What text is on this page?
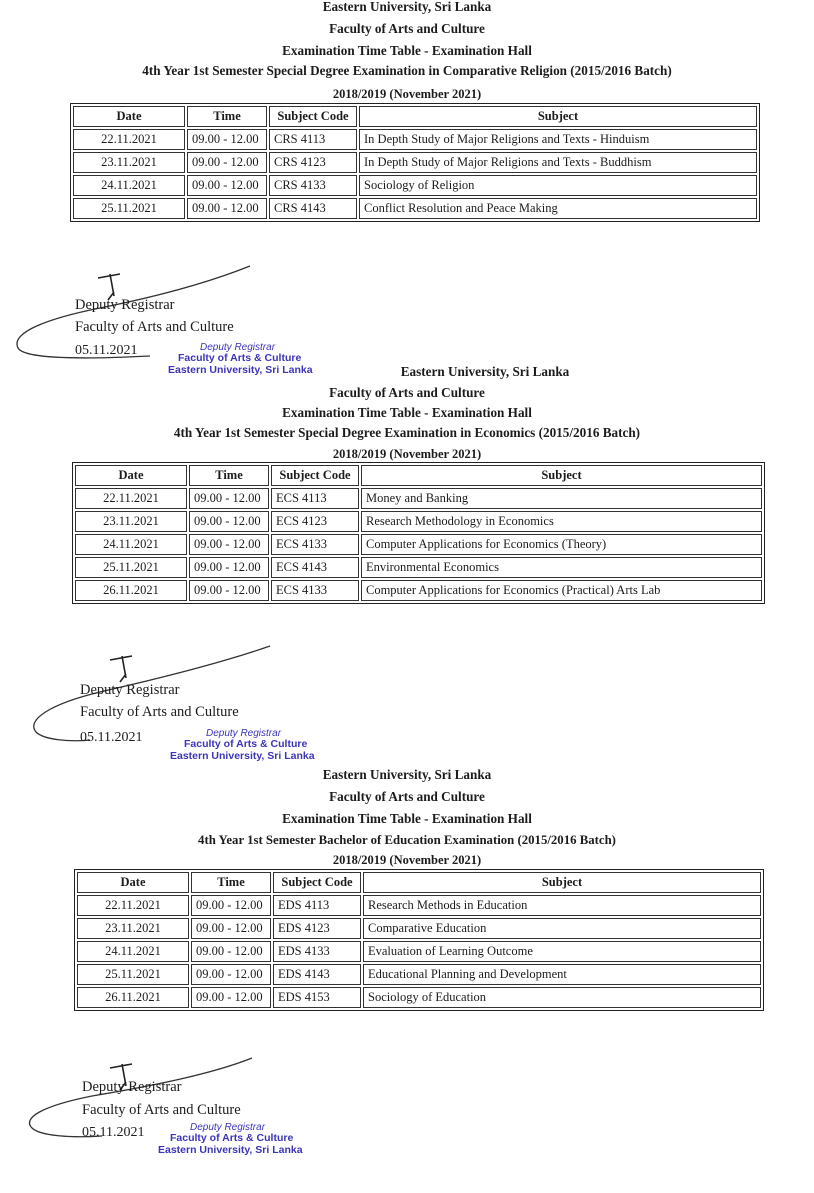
Eastern University, Sri Lanka
Faculty of Arts and Culture
Examination Time Table - Examination Hall
4th Year 1st Semester Special Degree Examination in Comparative Religion (2015/2016 Batch)
2018/2019 (November 2021)
Date	Time	Subject Code	Subject
22.11.2021	09.00 - 12.00	CRS 4113	In Depth Study of Major Religions and Texts - Hinduism
23.11.2021	09.00 - 12.00	CRS 4123	In Depth Study of Major Religions and Texts - Buddhism
24.11.2021	09.00 - 12.00	CRS 4133	Sociology of Religion
25.11.2021	09.00 - 12.00	CRS 4143	Conflict Resolution and Peace Making
Deputy Registrar
Faculty of Arts and Culture
05.11.2021	Deputy Registrar
Faculty of Arts & Culture
Eastern University, Sri Lanka	Eastern University, Sri Lanka
Faculty of Arts and Culture
Examination Time Table - Examination Hall
4th Year 1st Semester Special Degree Examination in Economics (2015/2016 Batch)
2018/2019 (November 2021)
Date	Time	Subject Code	Subject
22.11.2021	09.00 - 12.00	ECS 4113	Money and Banking
23.11.2021	09.00 - 12.00	ECS 4123	Research Methodology in Economics
24.11.2021	09.00 - 12.00	ECS 4133	Computer Applications for Economics (Theory)
25.11.2021	09.00 - 12.00	ECS 4143	Environmental Economics
26.11.2021	09.00 - 12.00	ECS 4133	Computer Applications for Economics (Practical) Arts Lab
Deputy Registrar
Faculty of Arts and Culture
05.11.2021	Deputy Registrar
Faculty of Arts & Culture
Eastern University, Sri Lanka
Eastern University, Sri Lanka
Faculty of Arts and Culture
Examination Time Table - Examination Hall
4th Year 1st Semester Bachelor of Education Examination (2015/2016 Batch)
2018/2019 (November 2021)
Date	Time	Subject Code	Subject
22.11.2021	09.00 - 12.00	EDS 4113	Research Methods in Education
23.11.2021	09.00 - 12.00	EDS 4123	Comparative Education
24.11.2021	09.00 - 12.00	EDS 4133	Evaluation of Learning Outcome
25.11.2021	09.00 - 12.00	EDS 4143	Educational Planning and Development
26.11.2021	09.00 - 12.00	EDS 4153	Sociology of Education
Deputy Registrar
Faculty of Arts and Culture
05.11.2021	Deputy Registrar
Faculty of Arts & Culture
Eastern University, Sri Lanka
